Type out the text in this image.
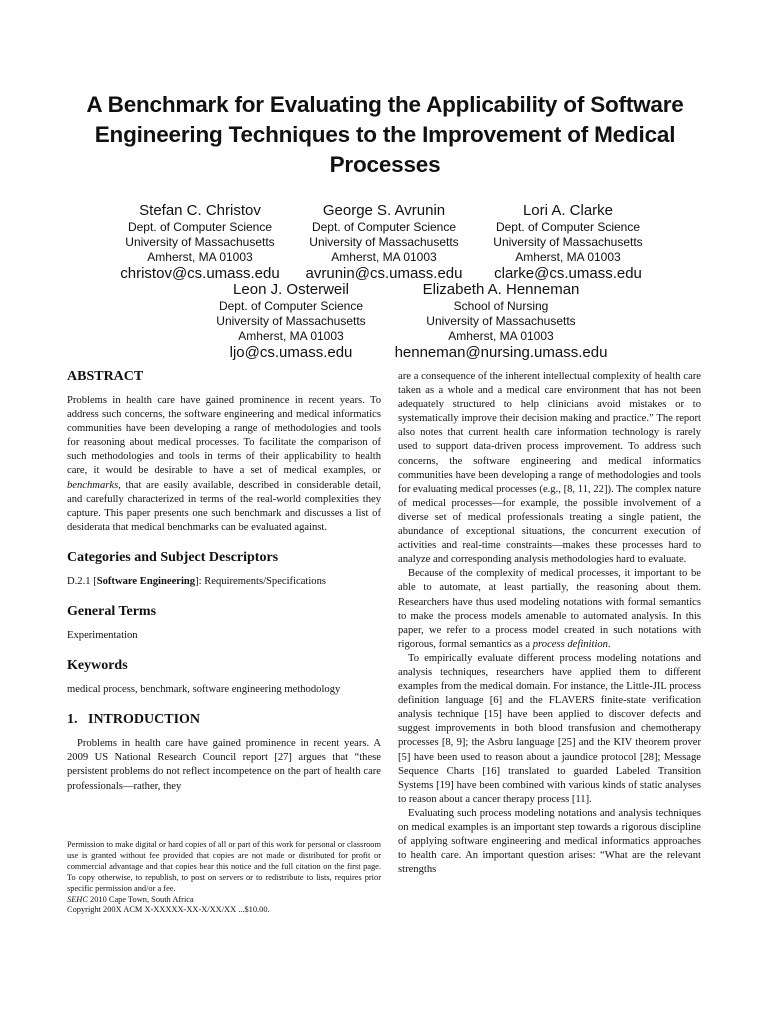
A Benchmark for Evaluating the Applicability of Software Engineering Techniques to the Improvement of Medical Processes
Stefan C. Christov
Dept. of Computer Science
University of Massachusetts
Amherst, MA 01003
christov@cs.umass.edu
George S. Avrunin
Dept. of Computer Science
University of Massachusetts
Amherst, MA 01003
avrunin@cs.umass.edu
Lori A. Clarke
Dept. of Computer Science
University of Massachusetts
Amherst, MA 01003
clarke@cs.umass.edu
Leon J. Osterweil
Dept. of Computer Science
University of Massachusetts
Amherst, MA 01003
ljo@cs.umass.edu
Elizabeth A. Henneman
School of Nursing
University of Massachusetts
Amherst, MA 01003
henneman@nursing.umass.edu
ABSTRACT

Problems in health care have gained prominence in recent years. To address such concerns, the software engineering and medical informatics communities have been developing a range of methodologies and tools for reasoning about medical processes. To facilitate the comparison of such methodologies and tools in terms of their applicability to health care, it would be desirable to have a set of medical examples, or benchmarks, that are easily available, described in considerable detail, and carefully characterized in terms of the real-world complexities they capture. This paper presents one such benchmark and discusses a list of desiderata that medical benchmarks can be evaluated against.

Categories and Subject Descriptors

D.2.1 [Software Engineering]: Requirements/Specifications

General Terms

Experimentation

Keywords

medical process, benchmark, software engineering methodology

1.   INTRODUCTION

Problems in health care have gained prominence in recent years. A 2009 US National Research Council report [27] argues that “these persistent problems do not reflect incompetence on the part of health care professionals—rather, they

Permission to make digital or hard copies of all or part of this work for personal or classroom use is granted without fee provided that copies are not made or distributed for profit or commercial advantage and that copies bear this notice and the full citation on the first page. To copy otherwise, to republish, to post on servers or to redistribute to lists, requires prior specific permission and/or a fee.

SEHC 2010 Cape Town, South Africa

Copyright 200X ACM X-XXXXX-XX-X/XX/XX ...$10.00.

are a consequence of the inherent intellectual complexity of health care taken as a whole and a medical care environment that has not been adequately structured to help clinicians avoid mistakes or to systematically improve their decision making and practice.” The report also notes that current health care information technology is rarely used to support data-driven process improvement. To address such concerns, the software engineering and medical informatics communities have been developing a range of methodologies and tools for evaluating medical processes (e.g., [8, 11, 22]). The complex nature of medical processes—for example, the possible involvement of a diverse set of medical professionals treating a single patient, the abundance of exceptional situations, the concurrent execution of activities and real-time constraints—makes these processes hard to analyze and corresponding analysis methodologies hard to evaluate.

Because of the complexity of medical processes, it important to be able to automate, at least partially, the reasoning about them. Researchers have thus used modeling notations with formal semantics to make the process models amenable to automated analysis. In this paper, we refer to a process model created in such notations with rigorous, formal semantics as a process definition.

To empirically evaluate different process modeling notations and analysis techniques, researchers have applied them to different examples from the medical domain. For instance, the Little-JIL process definition language [6] and the FLAVERS finite-state verification analysis technique [15] have been applied to discover defects and suggest improvements in both blood transfusion and chemotherapy processes [8, 9]; the Asbru language [25] and the KIV theorem prover [5] have been used to reason about a jaundice protocol [28]; Message Sequence Charts [16] translated to guarded Labeled Transition Systems [19] have been combined with various kinds of static analyses to reason about a cancer therapy process [11].

Evaluating such process modeling notations and analysis techniques on medical examples is an important step towards a rigorous discipline of applying software engineering and medical informatics approaches to health care. An important question arises: “What are the relevant strengths
